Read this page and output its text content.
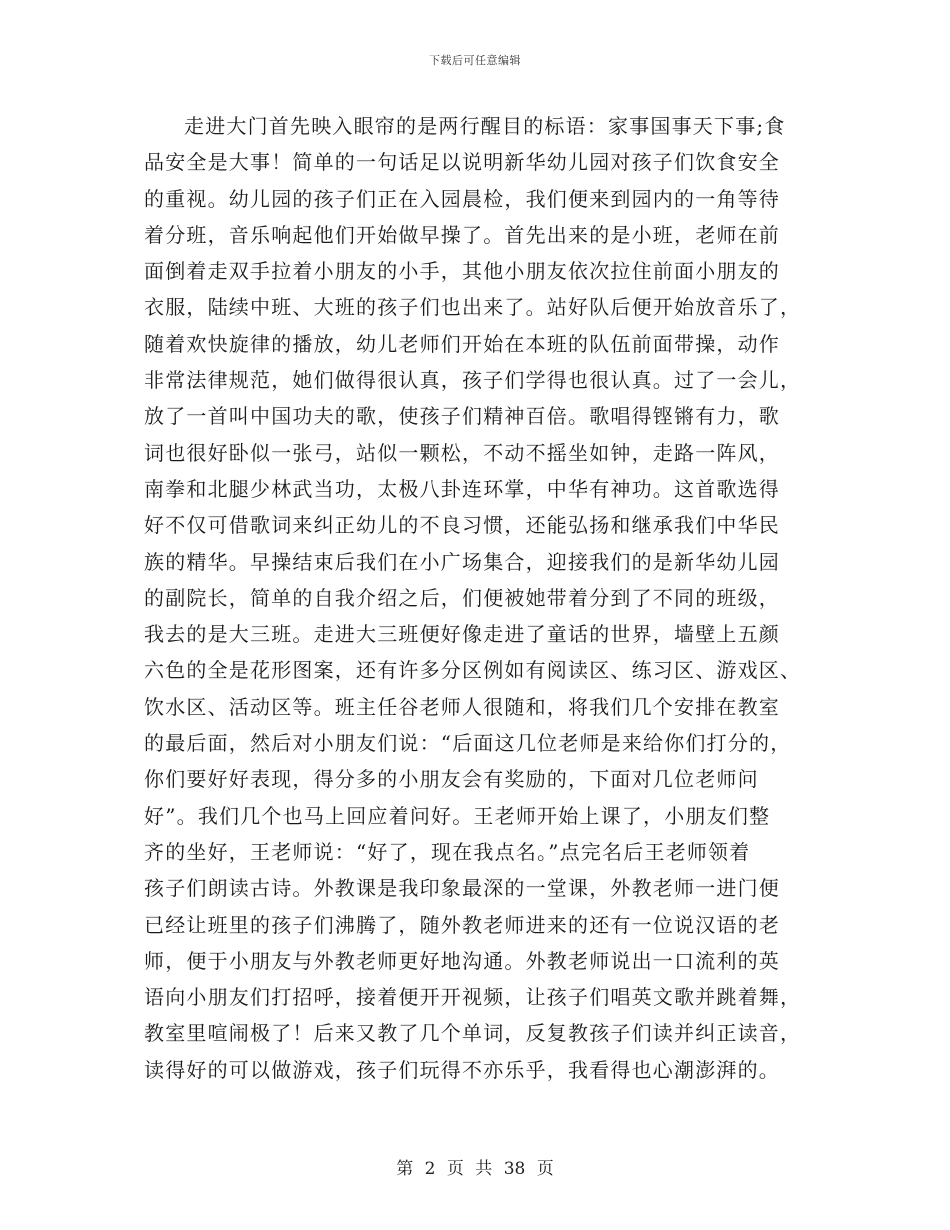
下载后可任意编辑
走进大门首先映入眼帘的是两行醒目的标语：家事国事天下事;食
品安全是大事！简单的一句话足以说明新华幼儿园对孩子们饮食安全
的重视。幼儿园的孩子们正在入园晨检，我们便来到园内的一角等待
着分班，音乐响起他们开始做早操了。首先出来的是小班，老师在前
面倒着走双手拉着小朋友的小手，其他小朋友依次拉住前面小朋友的
衣服，陆续中班、大班的孩子们也出来了。站好队后便开始放音乐了，
随着欢快旋律的播放，幼儿老师们开始在本班的队伍前面带操，动作
非常法律规范，她们做得很认真，孩子们学得也很认真。过了一会儿，
放了一首叫中国功夫的歌，使孩子们精神百倍。歌唱得铿锵有力，歌
词也很好卧似一张弓，站似一颗松，不动不摇坐如钟，走路一阵风，
南拳和北腿少林武当功，太极八卦连环掌，中华有神功。这首歌选得
好不仅可借歌词来纠正幼儿的不良习惯，还能弘扬和继承我们中华民
族的精华。早操结束后我们在小广场集合，迎接我们的是新华幼儿园
的副院长，简单的自我介绍之后，们便被她带着分到了不同的班级，
我去的是大三班。走进大三班便好像走进了童话的世界，墙壁上五颜
六色的全是花形图案，还有许多分区例如有阅读区、练习区、游戏区、
饮水区、活动区等。班主任谷老师人很随和，将我们几个安排在教室
的最后面，然后对小朋友们说：“后面这几位老师是来给你们打分的，
你们要好好表现，得分多的小朋友会有奖励的，下面对几位老师问
好”。我们几个也马上回应着问好。王老师开始上课了，小朋友们整
齐的坐好，王老师说：“好了，现在我点名。”点完名后王老师领着
孩子们朗读古诗。外教课是我印象最深的一堂课，外教老师一进门便
已经让班里的孩子们沸腾了，随外教老师进来的还有一位说汉语的老
师，便于小朋友与外教老师更好地沟通。外教老师说出一口流利的英
语向小朋友们打招呼，接着便开开视频，让孩子们唱英文歌并跳着舞，
教室里喧闹极了！后来又教了几个单词，反复教孩子们读并纠正读音，
读得好的可以做游戏，孩子们玩得不亦乐乎，我看得也心潮澎湃的。
第 2 页 共 38 页
